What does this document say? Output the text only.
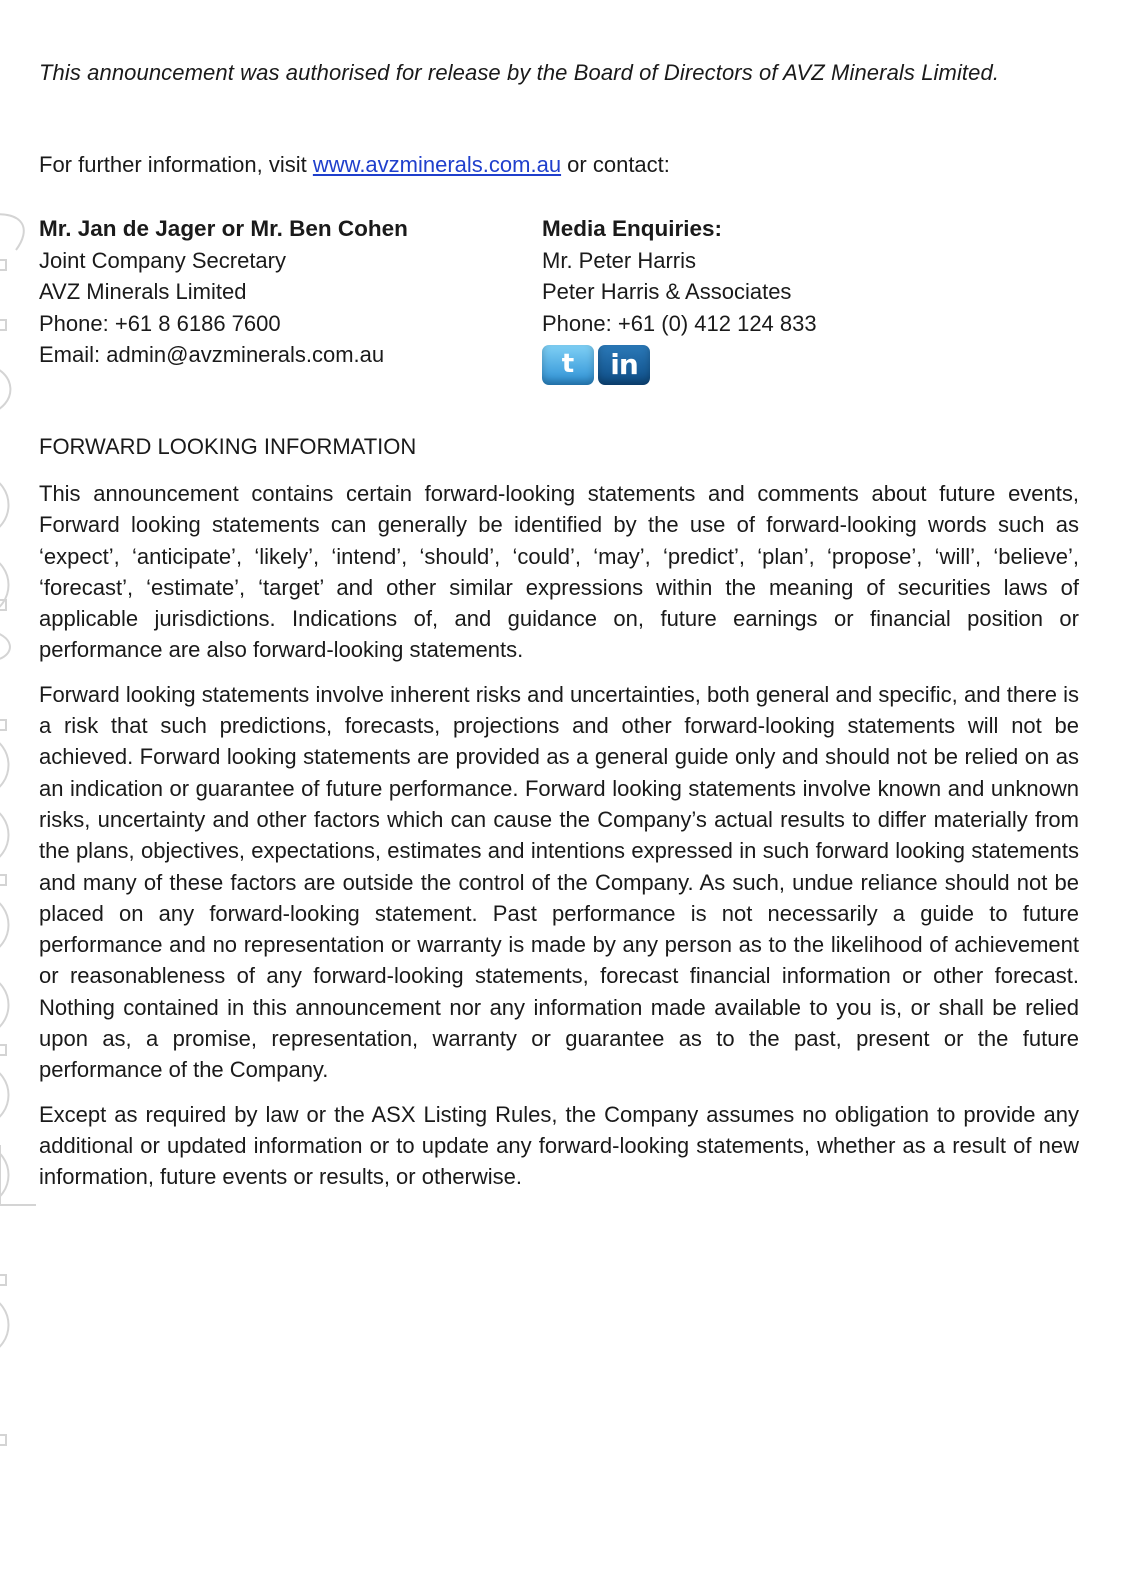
This announcement was authorised for release by the Board of Directors of AVZ Minerals Limited.
For further information, visit www.avzminerals.com.au or contact:
Mr. Jan de Jager or Mr. Ben Cohen
Joint Company Secretary
AVZ Minerals Limited
Phone: +61 8 6186 7600
Email: admin@avzminerals.com.au
Media Enquiries:
Mr. Peter Harris
Peter Harris & Associates
Phone: +61 (0) 412 124 833
t	in
FORWARD LOOKING INFORMATION

This announcement contains certain forward-looking statements and comments about future events, Forward looking statements can generally be identified by the use of forward-looking words such as ‘expect’, ‘anticipate’, ‘likely’, ‘intend’, ‘should’, ‘could’, ‘may’, ‘predict’, ‘plan’, ‘propose’, ‘will’, ‘believe’, ‘forecast’, ‘estimate’, ‘target’ and other similar expressions within the meaning of securities laws of applicable jurisdictions. Indications of, and guidance on, future earnings or financial position or performance are also forward-looking statements.

Forward looking statements involve inherent risks and uncertainties, both general and specific, and there is a risk that such predictions, forecasts, projections and other forward-looking statements will not be achieved. Forward looking statements are provided as a general guide only and should not be relied on as an indication or guarantee of future performance. Forward looking statements involve known and unknown risks, uncertainty and other factors which can cause the Company’s actual results to differ materially from the plans, objectives, expectations, estimates and intentions expressed in such forward looking statements and many of these factors are outside the control of the Company. As such, undue reliance should not be placed on any forward-looking statement. Past performance is not necessarily a guide to future performance and no representation or warranty is made by any person as to the likelihood of achievement or reasonableness of any forward-looking statements, forecast financial information or other forecast. Nothing contained in this announcement nor any information made available to you is, or shall be relied upon as, a promise, representation, warranty or guarantee as to the past, present or the future performance of the Company.

Except as required by law or the ASX Listing Rules, the Company assumes no obligation to provide any additional or updated information or to update any forward-looking statements, whether as a result of new information, future events or results, or otherwise.
